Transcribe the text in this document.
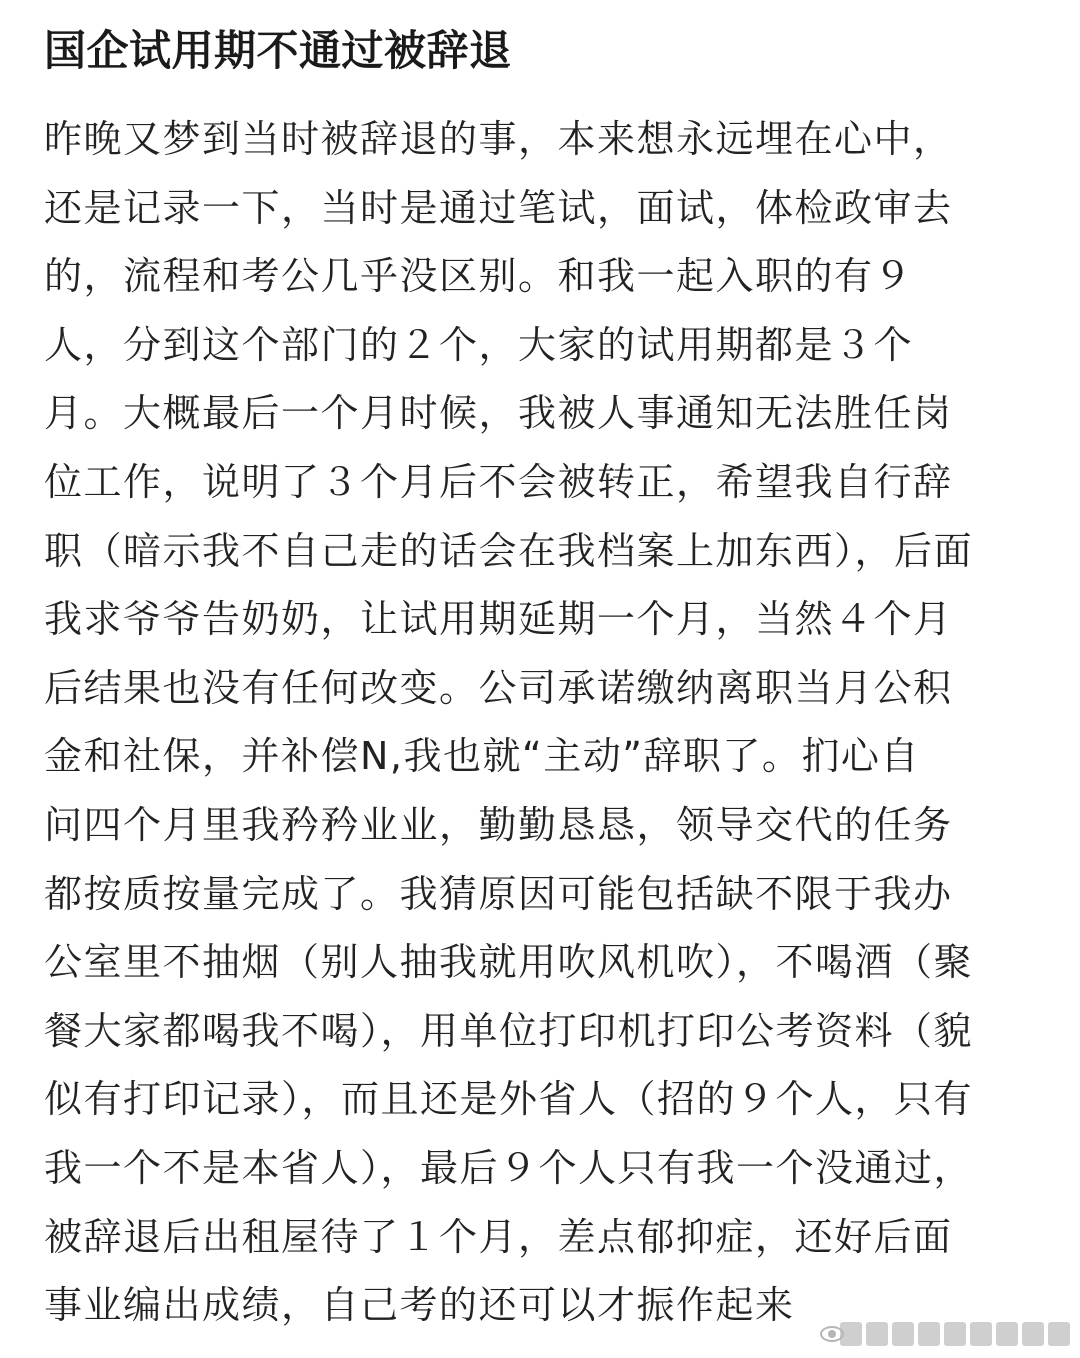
国企试用期不通过被辞退
昨晚又梦到当时被辞退的事，本来想永远埋在心中，
还是记录一下，当时是通过笔试，面试，体检政审去
的，流程和考公几乎没区别。和我一起入职的有９
人，分到这个部门的２个，大家的试用期都是３个
月。大概最后一个月时候，我被人事通知无法胜任岗
位工作，说明了３个月后不会被转正，希望我自行辞
职（暗示我不自己走的话会在我档案上加东西），后面
我求爷爷告奶奶，让试用期延期一个月，当然４个月
后结果也没有任何改变。公司承诺缴纳离职当月公积
金和社保，并补偿N,我也就“主动”辞职了。扪心自
问四个月里我矜矜业业，勤勤恳恳，领导交代的任务
都按质按量完成了。我猜原因可能包括缺不限于我办
公室里不抽烟（别人抽我就用吹风机吹），不喝酒（聚
餐大家都喝我不喝），用单位打印机打印公考资料（貌
似有打印记录），而且还是外省人（招的９个人，只有
我一个不是本省人），最后９个人只有我一个没通过，
被辞退后出租屋待了１个月，差点郁抑症，还好后面
事业编出成绩，自己考的还可以才振作起来
